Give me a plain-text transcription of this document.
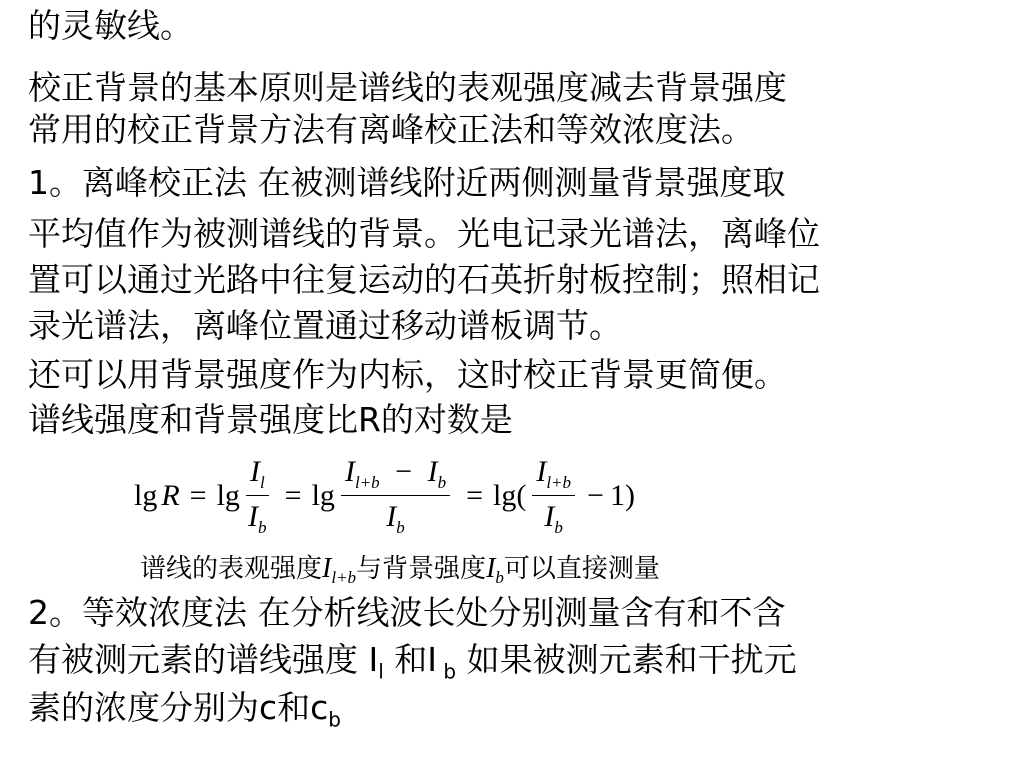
的灵敏线。
校正背景的基本原则是谱线的表观强度减去背景强度
常用的校正背景方法有离峰校正法和等效浓度法。
1。离峰校正法 在被测谱线附近两侧测量背景强度取
平均值作为被测谱线的背景。光电记录光谱法，离峰位
置可以通过光路中往复运动的石英折射板控制；照相记
录光谱法，离峰位置通过移动谱板调节。
还可以用背景强度作为内标，这时校正背景更简便。
谱线强度和背景强度比R的对数是
$\lg R = \lg \frac{I_l}{I_b} = \lg \frac{I_{l+b} - I_b}{I_b} = \lg$ ( $\frac{I_{l+b}}{I_b} - 1$ )
谱线的表观强度$I_{l+b}$与背景强度$I_b$可以直接测量
2。等效浓度法 在分析线波长处分别测量含有和不含
有被测元素的谱线强度 $I_l$ 和I $_b$ 如果被测元素和干扰元
素的浓度分别为c和$c_b$
